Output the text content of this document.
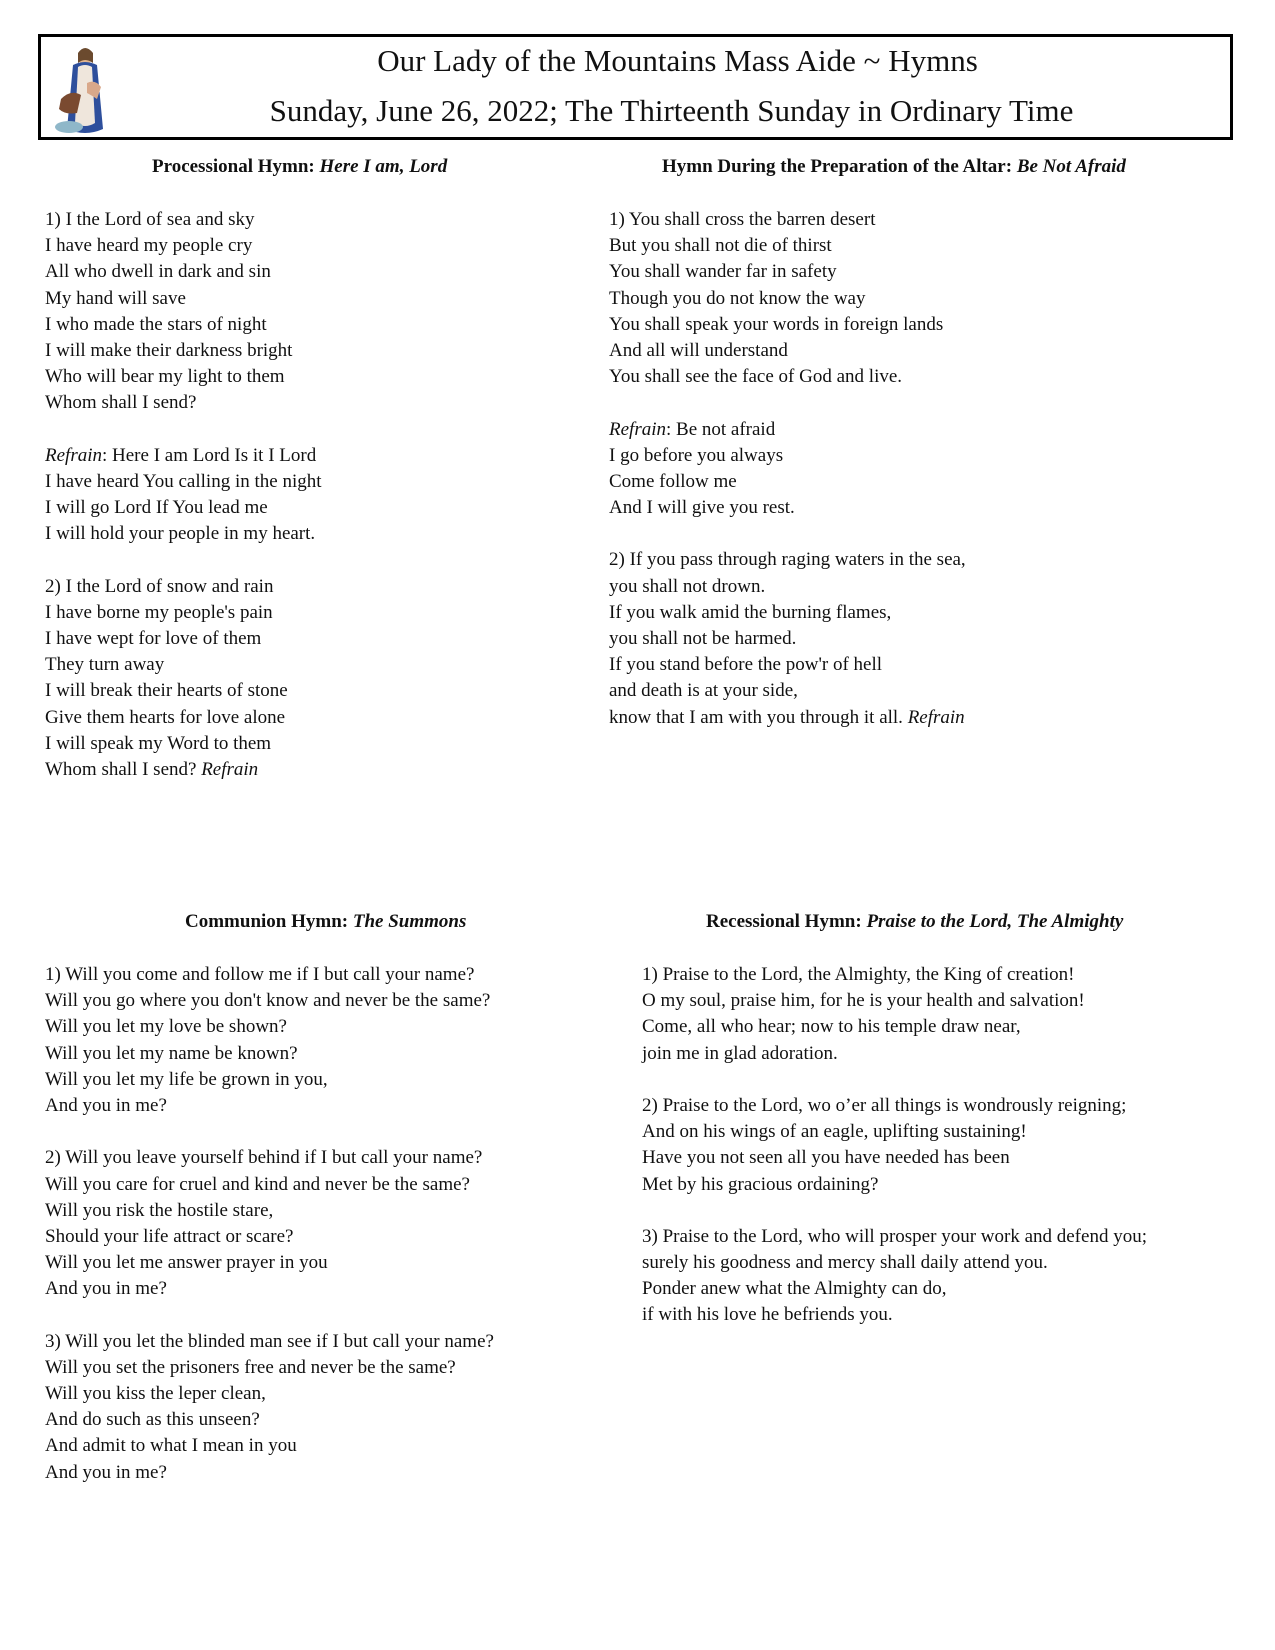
Our Lady of the Mountains Mass Aide ~ Hymns
Sunday, June 26, 2022; The Thirteenth Sunday in Ordinary Time
Processional Hymn: Here I am, Lord
1) I the Lord of sea and sky
I have heard my people cry
All who dwell in dark and sin
My hand will save
I who made the stars of night
I will make their darkness bright
Who will bear my light to them
Whom shall I send?
Refrain: Here I am Lord Is it I Lord
I have heard You calling in the night
I will go Lord If You lead me
I will hold your people in my heart.
2) I the Lord of snow and rain
I have borne my people's pain
I have wept for love of them
They turn away
I will break their hearts of stone
Give them hearts for love alone
I will speak my Word to them
Whom shall I send? Refrain
Hymn During the Preparation of the Altar: Be Not Afraid
1) You shall cross the barren desert
But you shall not die of thirst
You shall wander far in safety
Though you do not know the way
You shall speak your words in foreign lands
And all will understand
You shall see the face of God and live.
Refrain: Be not afraid
I go before you always
Come follow me
And I will give you rest.
2) If you pass through raging waters in the sea,
you shall not drown.
If you walk amid the burning flames,
you shall not be harmed.
If you stand before the pow'r of hell
and death is at your side,
know that I am with you through it all. Refrain
Communion Hymn: The Summons
1) Will you come and follow me if I but call your name?
Will you go where you don't know and never be the same?
Will you let my love be shown?
Will you let my name be known?
Will you let my life be grown in you,
And you in me?
2) Will you leave yourself behind if I but call your name?
Will you care for cruel and kind and never be the same?
Will you risk the hostile stare,
Should your life attract or scare?
Will you let me answer prayer in you
And you in me?
3) Will you let the blinded man see if I but call your name?
Will you set the prisoners free and never be the same?
Will you kiss the leper clean,
And do such as this unseen?
And admit to what I mean in you
And you in me?
Recessional Hymn: Praise to the Lord, The Almighty
1) Praise to the Lord, the Almighty, the King of creation!
O my soul, praise him, for he is your health and salvation!
Come, all who hear; now to his temple draw near,
join me in glad adoration.
2) Praise to the Lord, wo o’er all things is wondrously reigning;
And on his wings of an eagle, uplifting sustaining!
Have you not seen all you have needed has been
Met by his gracious ordaining?
3) Praise to the Lord, who will prosper your work and defend you;
surely his goodness and mercy shall daily attend you.
Ponder anew what the Almighty can do,
if with his love he befriends you.
